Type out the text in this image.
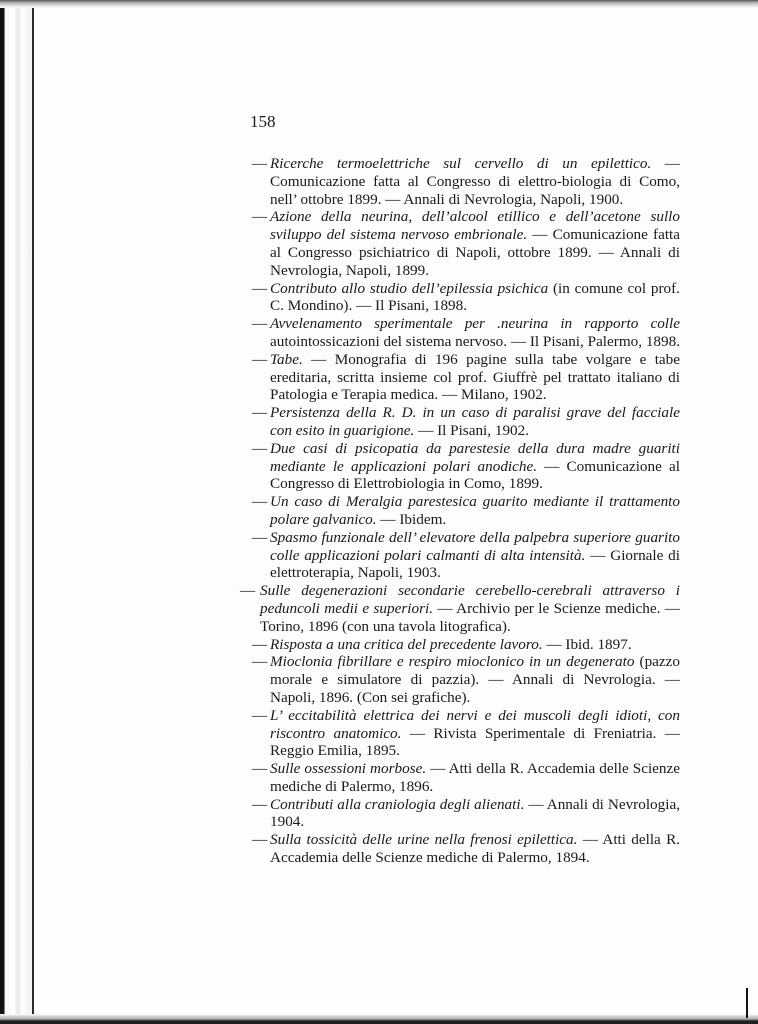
158
— Ricerche termoelettriche sul cervello di un epilettico. — Comunicazione fatta al Congresso di elettro-biologia di Como, nell’ ottobre 1899. — Annali di Nevrologia, Napoli, 1900.
— Azione della neurina, dell’alcool etillico e dell’acetone sullo sviluppo del sistema nervoso embrionale. — Comunicazione fatta al Congresso psichiatrico di Napoli, ottobre 1899. — Annali di Nevrologia, Napoli, 1899.
— Contributo allo studio dell’epilessia psichica (in comune col prof. C. Mondino). — Il Pisani, 1898.
— Avvelenamento sperimentale per .neurina in rapporto colle autointossicazioni del sistema nervoso. — Il Pisani, Palermo, 1898.
— Tabe. — Monografia di 196 pagine sulla tabe volgare e tabe ereditaria, scritta insieme col prof. Giuffrè pel trattato italiano di Patologia e Terapia medica. — Milano, 1902.
— Persistenza della R. D. in un caso di paralisi grave del facciale con esito in guarigione. — Il Pisani, 1902.
— Due casi di psicopatia da parestesie della dura madre guariti mediante le applicazioni polari anodiche. — Comunicazione al Congresso di Elettrobiologia in Como, 1899.
— Un caso di Meralgia parestesica guarito mediante il trattamento polare galvanico. — Ibidem.
— Spasmo funzionale dell’ elevatore della palpebra superiore guarito colle applicazioni polari calmanti di alta intensità. — Giornale di elettroterapia, Napoli, 1903.
— Sulle degenerazioni secondarie cerebello-cerebrali attraverso i peduncoli medii e superiori. — Archivio per le Scienze mediche. — Torino, 1896 (con una tavola litografica).
— Risposta a una critica del precedente lavoro. — Ibid. 1897.
— Mioclonia fibrillare e respiro mioclonico in un degenerato (pazzo morale e simulatore di pazzia). — Annali di Nevrologia. — Napoli, 1896. (Con sei grafiche).
— L’ eccitabilità elettrica dei nervi e dei muscoli degli idioti, con riscontro anatomico. — Rivista Sperimentale di Freniatria. — Reggio Emilia, 1895.
— Sulle ossessioni morbose. — Atti della R. Accademia delle Scienze mediche di Palermo, 1896.
— Contributi alla craniologia degli alienati. — Annali di Nevrologia, 1904.
— Sulla tossicità delle urine nella frenosi epilettica. — Atti della R. Accademia delle Scienze mediche di Palermo, 1894.
